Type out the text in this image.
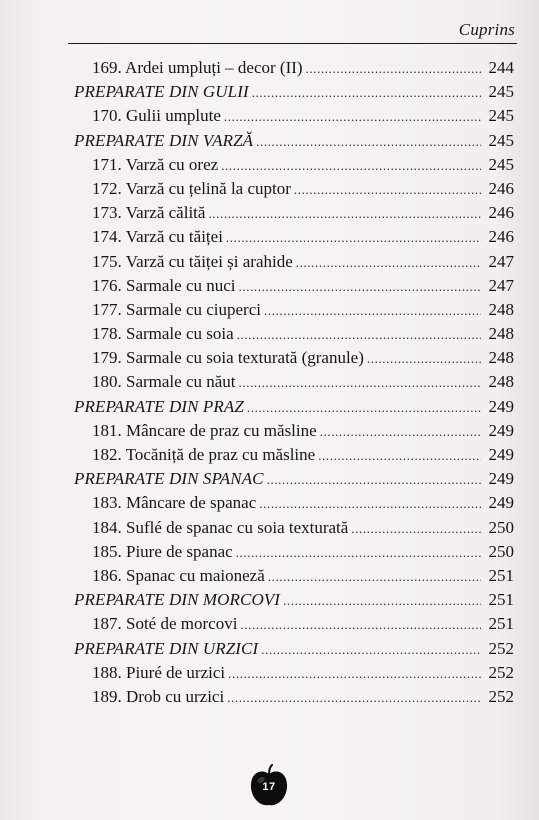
Cuprins
169. Ardei umpluți – decor (II) .....	244
PREPARATE DIN GULII .....	245
170. Gulii umplute .....	245
PREPARATE DIN VARZĂ .....	245
171. Varză cu orez .....	245
172. Varză cu țelină la cuptor .....	246
173. Varză călită .....	246
174. Varză cu tăiței .....	246
175. Varză cu tăiței și arahide .....	247
176. Sarmale cu nuci .....	247
177. Sarmale cu ciuperci .....	248
178. Sarmale cu soia .....	248
179. Sarmale cu soia texturată (granule) .....	248
180. Sarmale cu năut .....	248
PREPARATE DIN PRAZ .....	249
181. Mâncare de praz cu măsline .....	249
182. Tocăniță de praz cu măsline .....	249
PREPARATE DIN SPANAC .....	249
183. Mâncare de spanac .....	249
184. Suflé de spanac cu soia texturată .....	250
185. Piure de spanac .....	250
186. Spanac cu maioneză .....	251
PREPARATE DIN MORCOVI .....	251
187. Soté de morcovi .....	251
PREPARATE DIN URZICI .....	252
188. Piuré de urzici .....	252
189. Drob cu urzici .....	252
17
